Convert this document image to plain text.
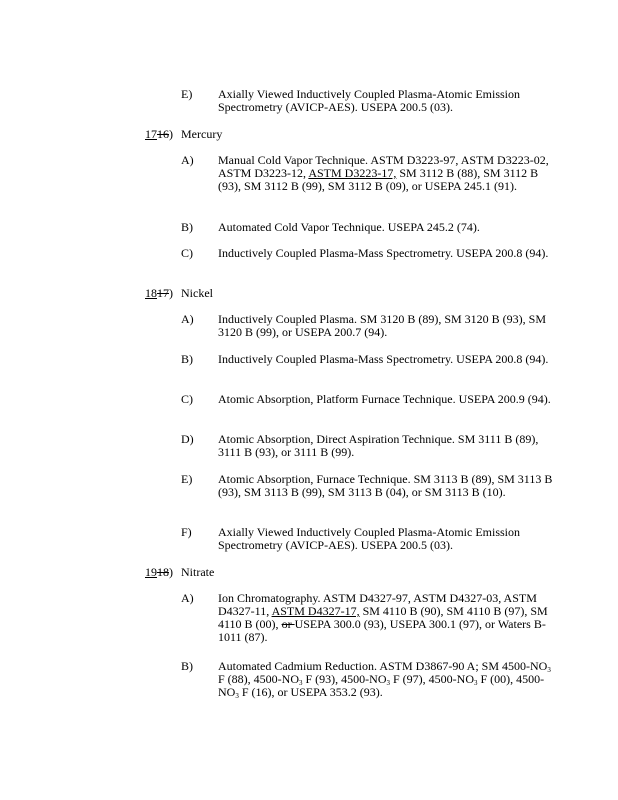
E) Axially Viewed Inductively Coupled Plasma-Atomic Emission Spectrometry (AVICP-AES). USEPA 200.5 (03).
1716) Mercury
A) Manual Cold Vapor Technique. ASTM D3223-97, ASTM D3223-02, ASTM D3223-12, ASTM D3223-17, SM 3112 B (88), SM 3112 B (93), SM 3112 B (99), SM 3112 B (09), or USEPA 245.1 (91).
B) Automated Cold Vapor Technique. USEPA 245.2 (74).
C) Inductively Coupled Plasma-Mass Spectrometry. USEPA 200.8 (94).
1817) Nickel
A) Inductively Coupled Plasma. SM 3120 B (89), SM 3120 B (93), SM 3120 B (99), or USEPA 200.7 (94).
B) Inductively Coupled Plasma-Mass Spectrometry. USEPA 200.8 (94).
C) Atomic Absorption, Platform Furnace Technique. USEPA 200.9 (94).
D) Atomic Absorption, Direct Aspiration Technique. SM 3111 B (89), 3111 B (93), or 3111 B (99).
E) Atomic Absorption, Furnace Technique. SM 3113 B (89), SM 3113 B (93), SM 3113 B (99), SM 3113 B (04), or SM 3113 B (10).
F) Axially Viewed Inductively Coupled Plasma-Atomic Emission Spectrometry (AVICP-AES). USEPA 200.5 (03).
1918) Nitrate
A) Ion Chromatography. ASTM D4327-97, ASTM D4327-03, ASTM D4327-11, ASTM D4327-17, SM 4110 B (90), SM 4110 B (97), SM 4110 B (00), or USEPA 300.0 (93), USEPA 300.1 (97), or Waters B-1011 (87).
B) Automated Cadmium Reduction. ASTM D3867-90 A; SM $4500-NO_3$ F (88), $4500-NO_3$ F (93), $4500-NO_3$ F (97), $4500-NO_3$ F (00), $4500-NO_3$ F (16), or USEPA 353.2 (93).
